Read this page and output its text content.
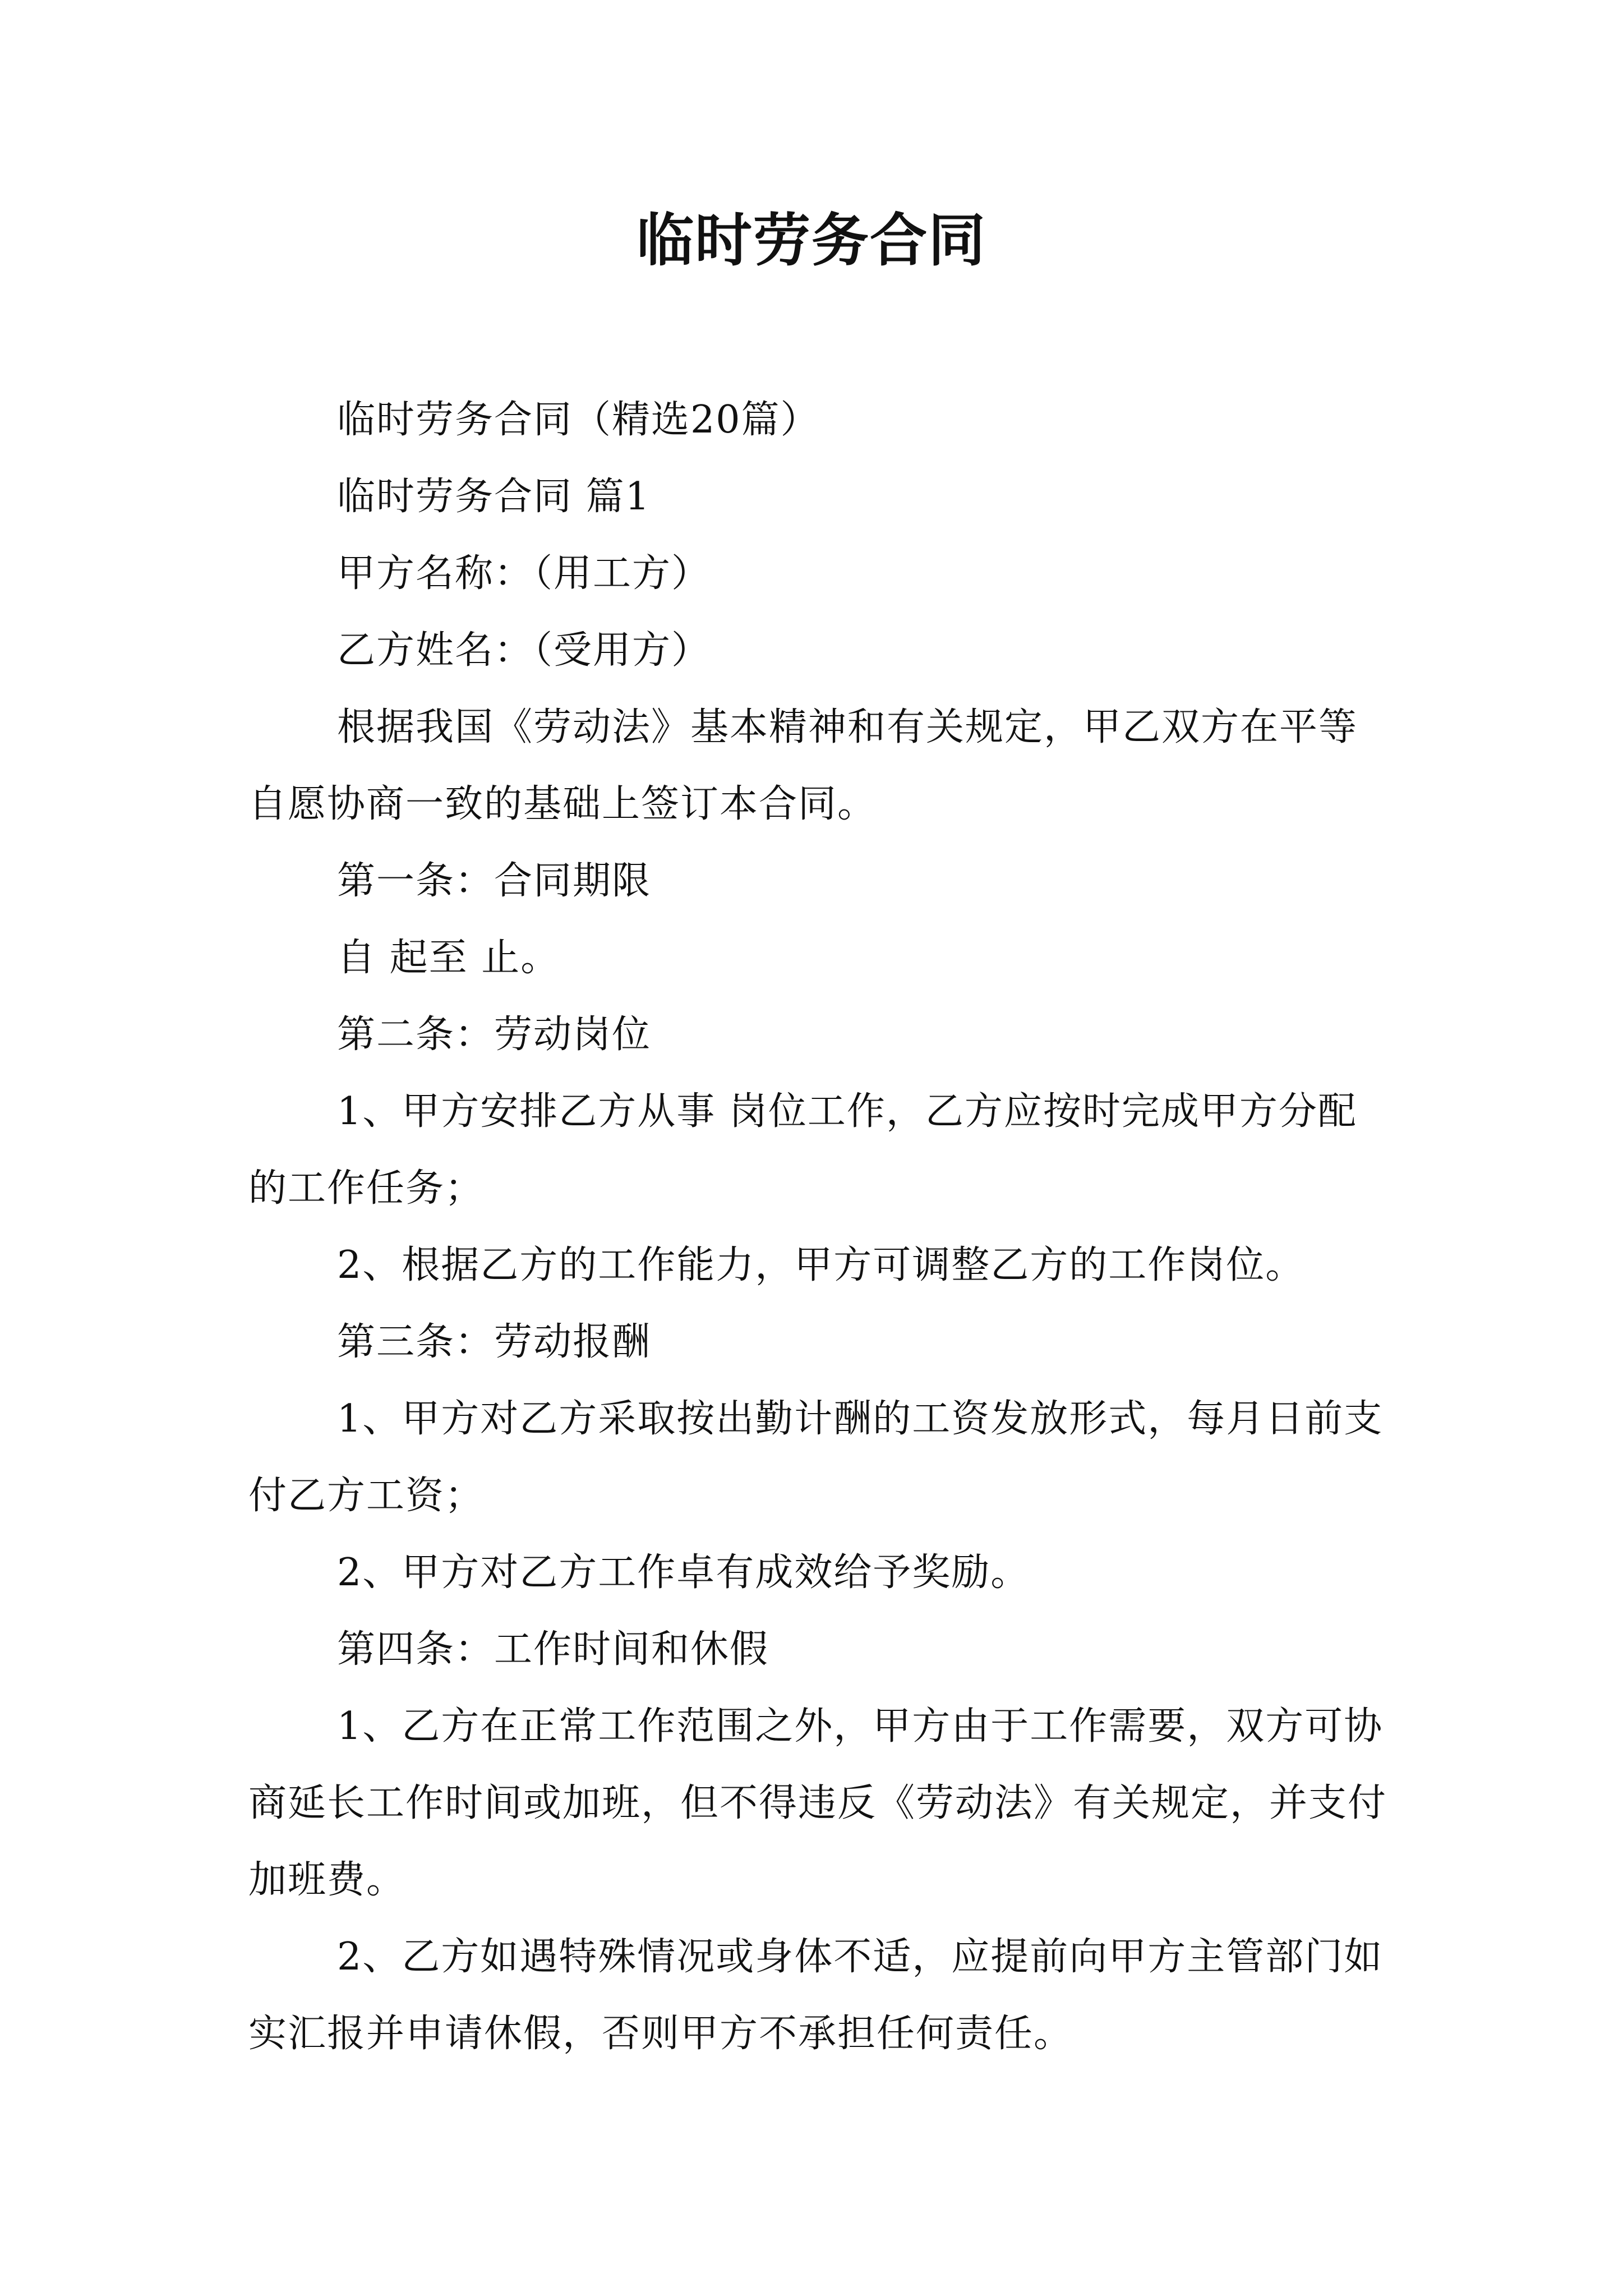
临时劳务合同

临时劳务合同（精选20篇）

临时劳务合同 篇1

甲方名称：（用工方）

乙方姓名：（受用方）

根据我国《劳动法》基本精神和有关规定，甲乙双方在平等自愿协商一致的基础上签订本合同。

第一条：合同期限

自 起至 止。

第二条：劳动岗位

1、甲方安排乙方从事 岗位工作，乙方应按时完成甲方分配的工作任务；

2、根据乙方的工作能力，甲方可调整乙方的工作岗位。

第三条：劳动报酬

1、甲方对乙方采取按出勤计酬的工资发放形式，每月日前支付乙方工资；

2、甲方对乙方工作卓有成效给予奖励。

第四条：工作时间和休假

1、乙方在正常工作范围之外，甲方由于工作需要，双方可协商延长工作时间或加班，但不得违反《劳动法》有关规定，并支付加班费。

2、乙方如遇特殊情况或身体不适，应提前向甲方主管部门如实汇报并申请休假，否则甲方不承担任何责任。
